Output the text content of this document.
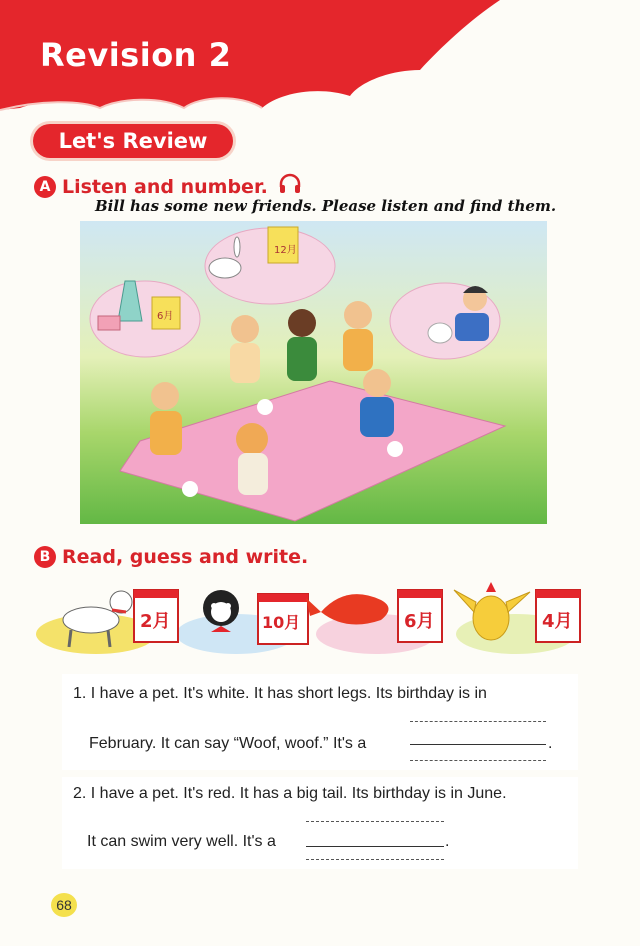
Revision 2
Let's Review
A Listen and number.
Bill has some new friends. Please listen and find them.
12月
6月
B Read, guess and write.
2月	10月	6月	4月
1. I have a pet. It's white. It has short legs. Its birthday is in
February. It can say “Woof, woof.” It's a	.
2. I have a pet. It's red. It has a big tail. Its birthday is in June.
It can swim very well. It's a	.
68
